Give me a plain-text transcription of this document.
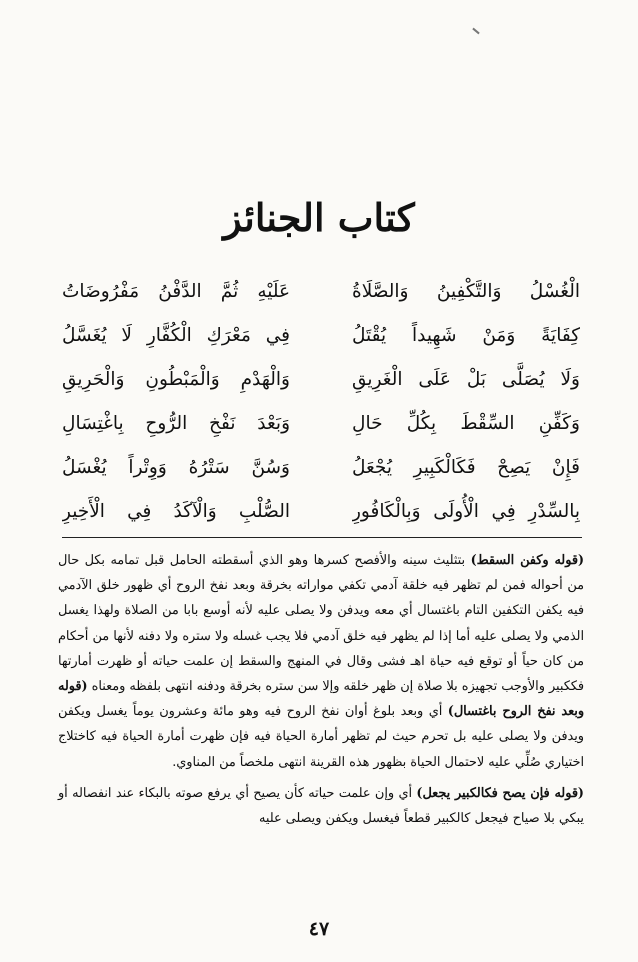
كتاب الجنائز
الْغُسْلُ وَالتَّكْفِينُ وَالصَّلَاةُ
عَلَيْهِ ثُمَّ الدَّفْنُ مَفْرُوضَاتُ
كِفَايَةً وَمَنْ شَهِيداً يُقْتَلُ
فِي مَعْرَكِ الْكُفَّارِ لَا يُغَسَّلُ
وَلَا يُصَلَّى بَلْ عَلَى الْغَرِيقِ
وَالْهَدْمِ وَالْمَبْطُونِ وَالْحَرِيقِ
وَكَفِّنِ السِّقْطَ بِكُلِّ حَالِ
وَبَعْدَ نَفْخِ الرُّوحِ بِاغْتِسَالِ
فَإِنْ يَصِحْ فَكَالْكَبِيرِ يُجْعَلُ
وَسُنَّ سَتْرُهُ وَوِتْراً يُغْسَلُ
بِالسِّدْرِ فِي الْأُولَى وَبِالْكَافُورِ
الصُّلْبِ وَالْآكَدُ فِي الْأَخِيرِ

(قوله وكفن السقط) بتثليث سينه والأفصح كسرها وهو الذي أسقطته الحامل قبل تمامه بكل حال من أحواله فمن لم تظهر فيه خلقة آدمي تكفي مواراته بخرقة وبعد نفخ الروح أي ظهور خلق الآدمي فيه يكفن التكفين التام باغتسال أي معه ويدفن ولا يصلى عليه لأنه أوسع بابا من الصلاة ولهذا يغسل الذمي ولا يصلى عليه أما إذا لم يظهر فيه خلق آدمي فلا يجب غسله ولا ستره ولا دفنه لأنها من أحكام من كان حياً أو توقع فيه حياة اهـ فشى وقال في المنهج والسقط إن علمت حياته أو ظهرت أمارتها فككبير والأوجب تجهيزه بلا صلاة إن ظهر خلقه وإلا سن ستره بخرقة ودفنه انتهى بلفظه ومعناه (قوله وبعد نفخ الروح باغتسال) أي وبعد بلوغ أوان نفخ الروح فيه وهو مائة وعشرون يوماً يغسل ويكفن ويدفن ولا يصلى عليه بل تحرم حيث لم تظهر أمارة الحياة فيه فإن ظهرت أمارة الحياة فيه كاختلاج اختياري صُلِّي عليه لاحتمال الحياة بظهور هذه القرينة انتهى ملخصاً من المناوي.

(قوله فإن يصح فكالكبير يجعل) أي وإن علمت حياته كأن يصيح أي يرفع صوته بالبكاء عند انفصاله أو يبكي بلا صياح فيجعل كالكبير قطعاً فيغسل ويكفن ويصلى عليه

٤٧
